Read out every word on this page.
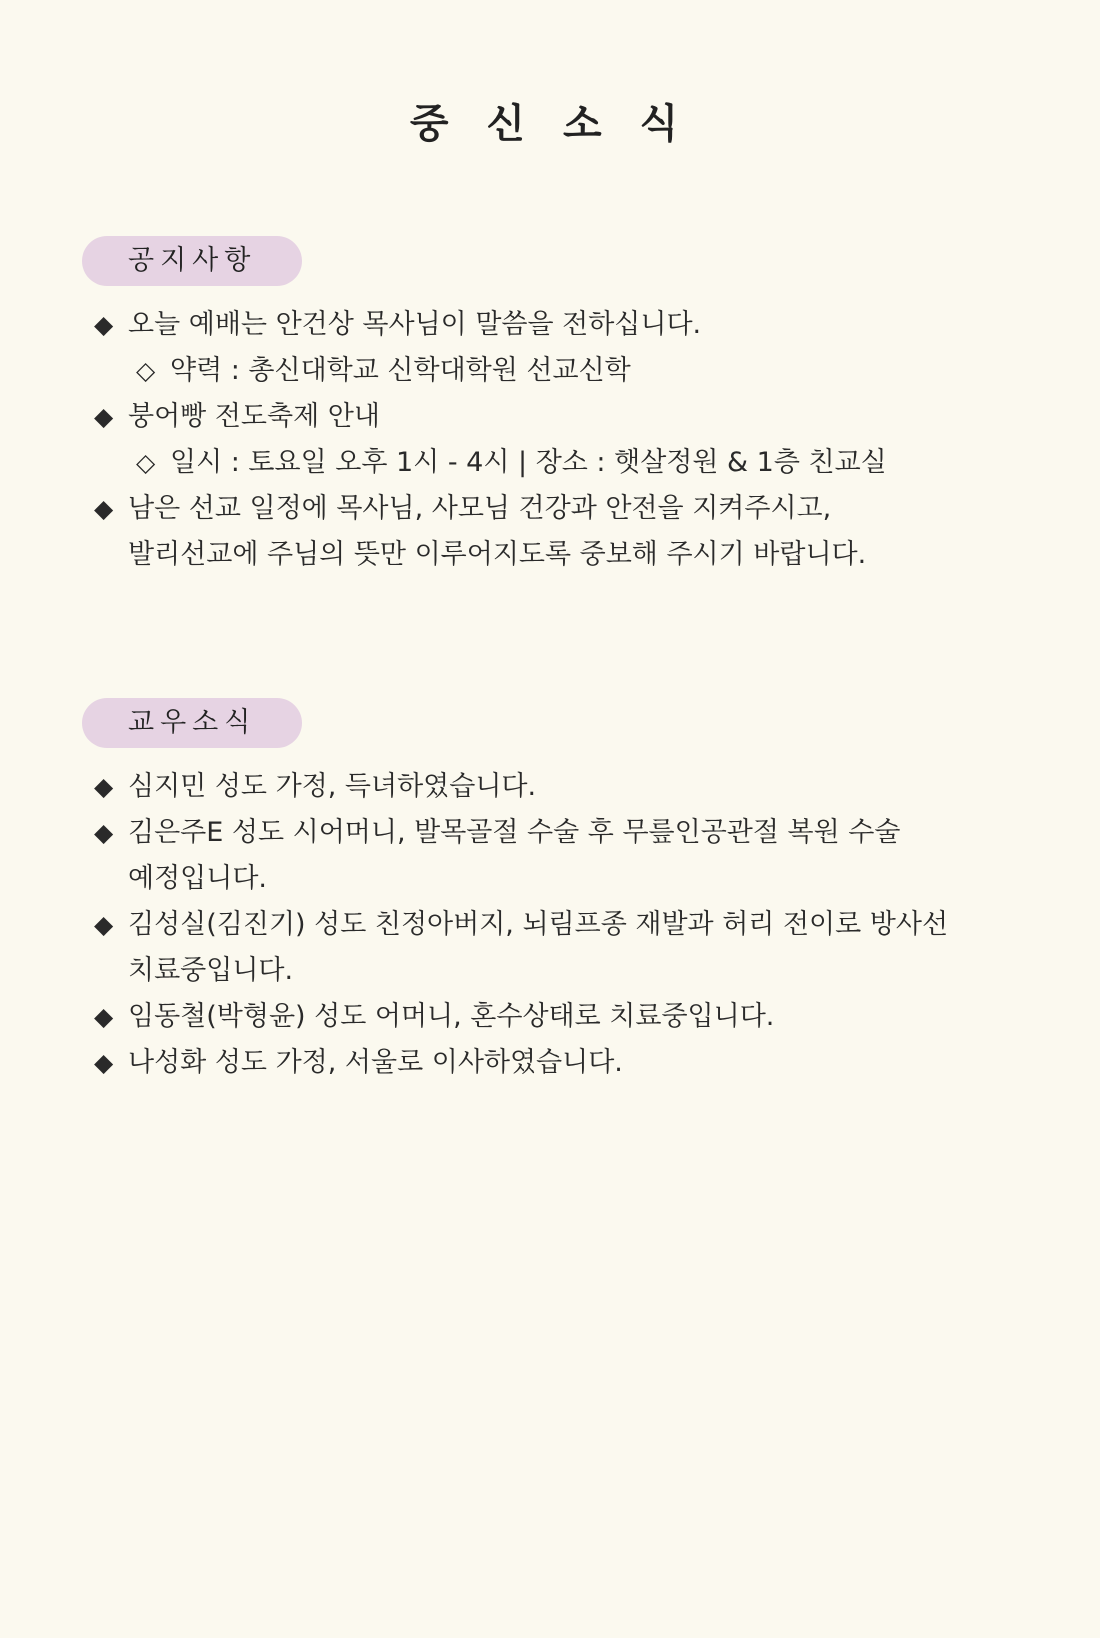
중 신 소 식
공지사항
◆ 오늘 예배는 안건상 목사님이 말씀을 전하십니다.
◇ 약력 : 총신대학교 신학대학원 선교신학
◆ 붕어빵 전도축제 안내
◇ 일시 : 토요일 오후 1시 - 4시 | 장소 : 햇살정원 & 1층 친교실
◆ 남은 선교 일정에 목사님, 사모님 건강과 안전을 지켜주시고,
발리선교에 주님의 뜻만 이루어지도록 중보해 주시기 바랍니다.
교우소식
◆ 심지민 성도 가정, 득녀하였습니다.
◆ 김은주E 성도 시어머니, 발목골절 수술 후 무릎인공관절 복원 수술
예정입니다.
◆ 김성실(김진기) 성도 친정아버지, 뇌림프종 재발과 허리 전이로 방사선
치료중입니다.
◆ 임동철(박형윤) 성도 어머니, 혼수상태로 치료중입니다.
◆ 나성화 성도 가정, 서울로 이사하였습니다.
